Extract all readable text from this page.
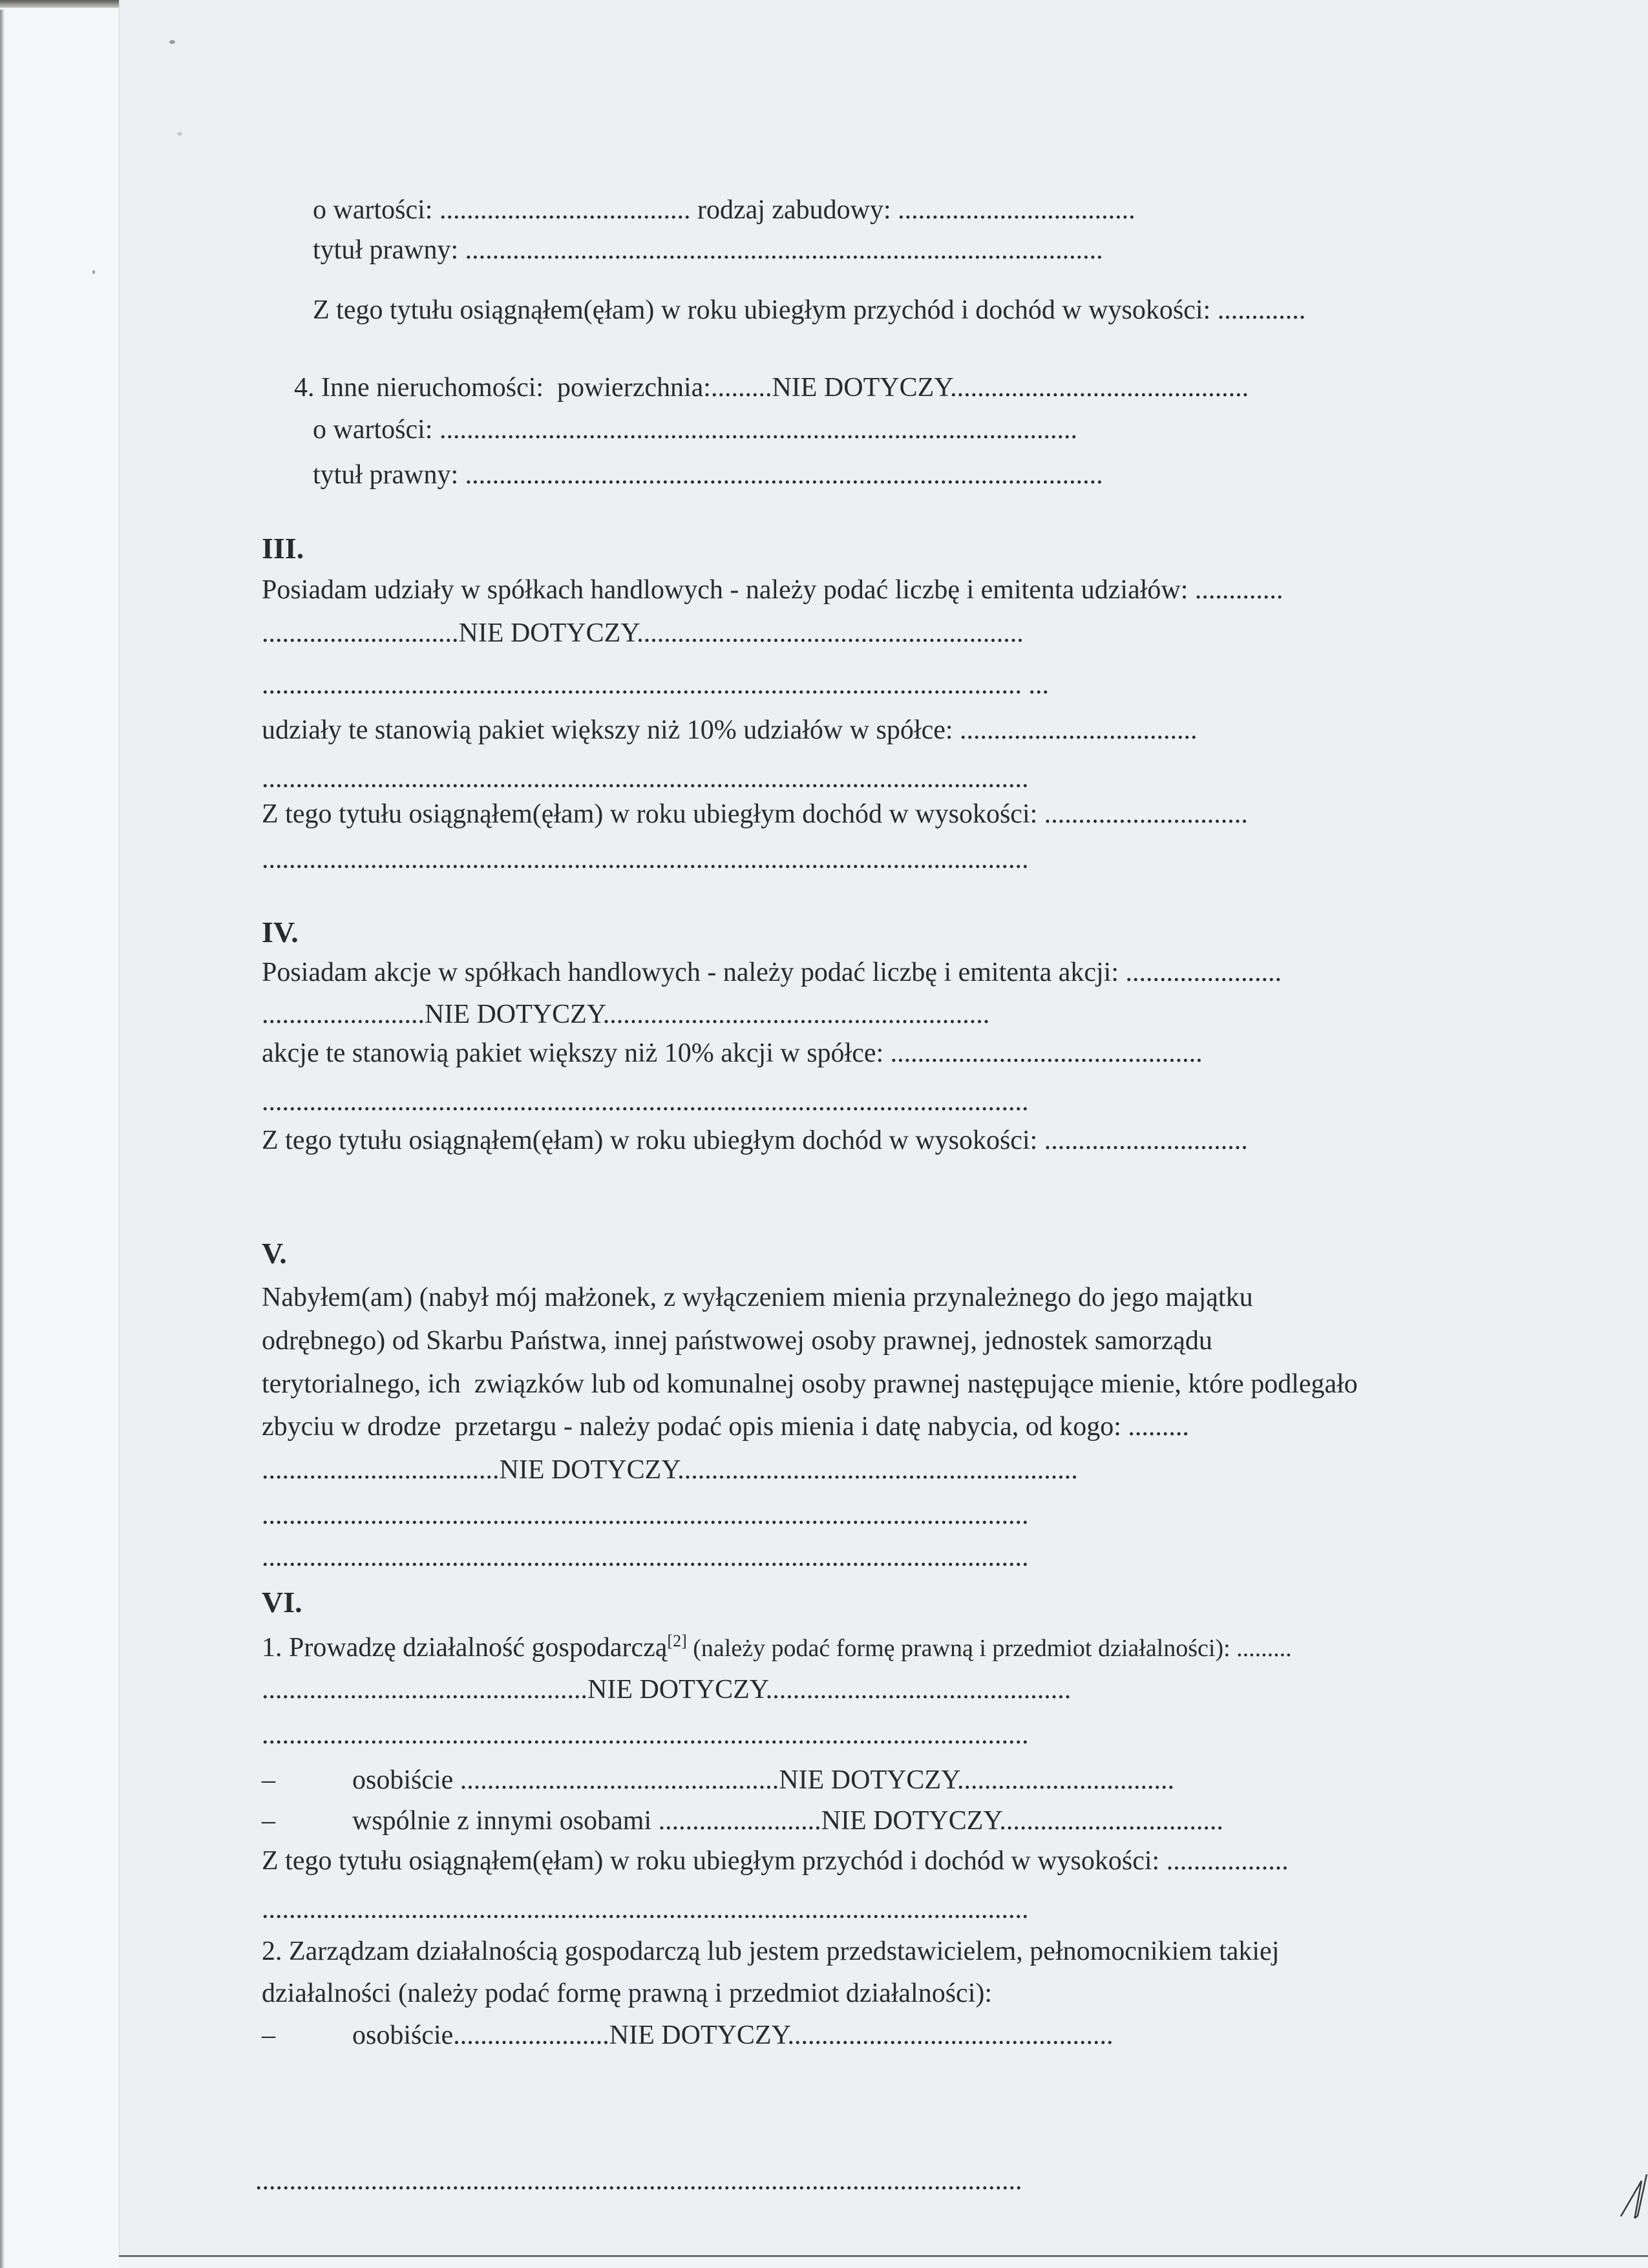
o wartości: ..................................... rodzaj zabudowy: ...................................
tytuł prawny: ..............................................................................................
Z tego tytułu osiągnąłem(ęłam) w roku ubiegłym przychód i dochód w wysokości: .............
4. Inne nieruchomości:  powierzchnia:.........NIE DOTYCZY............................................
o wartości: ..............................................................................................
tytuł prawny: ..............................................................................................
III.
Posiadam udziały w spółkach handlowych - należy podać liczbę i emitenta udziałów: .............
.............................NIE DOTYCZY.........................................................
................................................................................................................ ...
udziały te stanowią pakiet większy niż 10% udziałów w spółce: ...................................
.................................................................................................................
Z tego tytułu osiągnąłem(ęłam) w roku ubiegłym dochód w wysokości: ..............................
.................................................................................................................
IV.
Posiadam akcje w spółkach handlowych - należy podać liczbę i emitenta akcji: .......................
........................NIE DOTYCZY.........................................................
akcje te stanowią pakiet większy niż 10% akcji w spółce: ..............................................
.................................................................................................................
Z tego tytułu osiągnąłem(ęłam) w roku ubiegłym dochód w wysokości: ..............................
V.
Nabyłem(am) (nabył mój małżonek, z wyłączeniem mienia przynależnego do jego majątku
odrębnego) od Skarbu Państwa, innej państwowej osoby prawnej, jednostek samorządu
terytorialnego, ich  związków lub od komunalnej osoby prawnej następujące mienie, które podlegało
zbyciu w drodze  przetargu - należy podać opis mienia i datę nabycia, od kogo: .........
...................................NIE DOTYCZY...........................................................
.................................................................................................................
.................................................................................................................
VI.
1. Prowadzę działalność gospodarczą[2] (należy podać formę prawną i przedmiot działalności): .........
................................................NIE DOTYCZY.............................................
.................................................................................................................
–	osobiście ...............................................NIE DOTYCZY................................
–	wspólnie z innymi osobami ........................NIE DOTYCZY.................................
Z tego tytułu osiągnąłem(ęłam) w roku ubiegłym przychód i dochód w wysokości: ..................
.................................................................................................................
2. Zarządzam działalnością gospodarczą lub jestem przedstawicielem, pełnomocnikiem takiej
działalności (należy podać formę prawną i przedmiot działalności):
–	osobiście.......................NIE DOTYCZY................................................
.................................................................................................................
